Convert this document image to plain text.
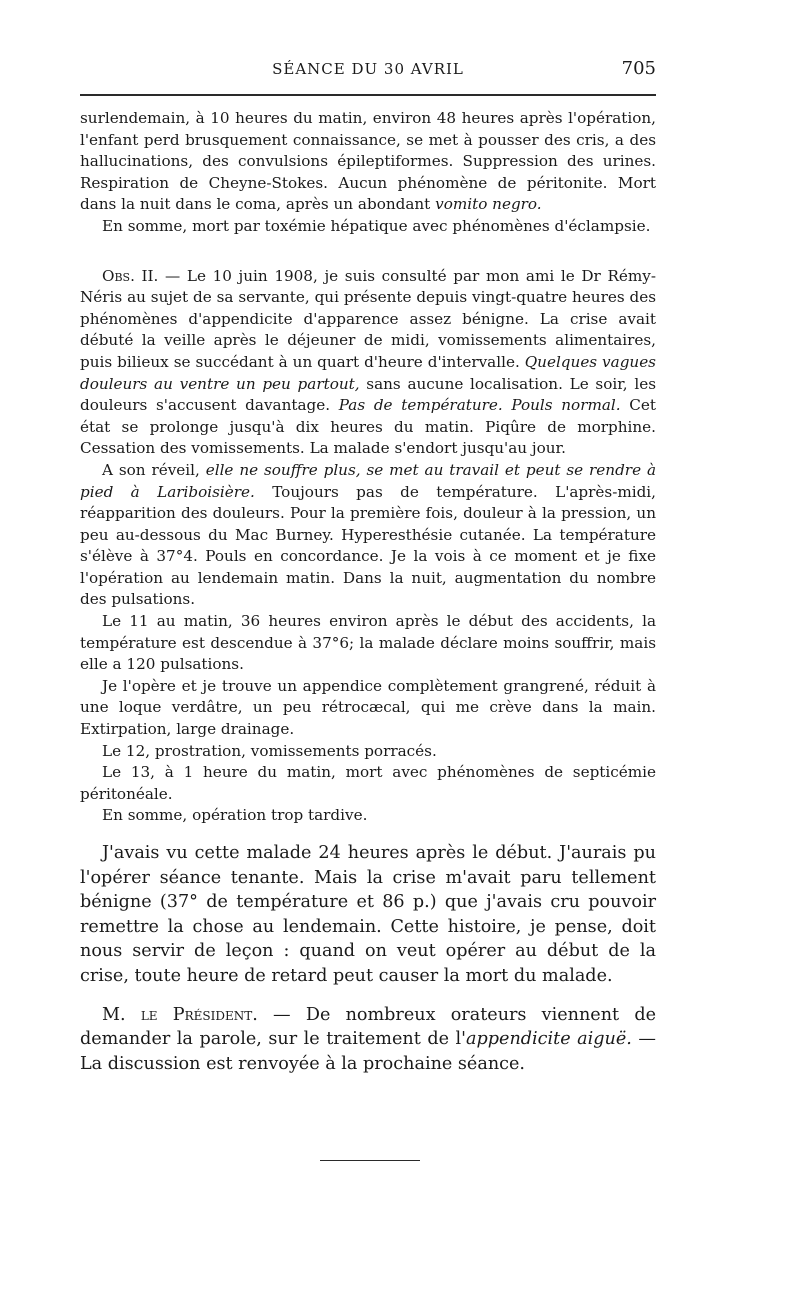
SÉANCE DU 30 AVRIL	705

surlendemain, à 10 heures du matin, environ 48 heures après l'opération, l'enfant perd brusquement connaissance, se met à pousser des cris, a des hallucinations, des convulsions épileptiformes. Suppression des urines. Respiration de Cheyne-Stokes. Aucun phénomène de péritonite. Mort dans la nuit dans le coma, après un abondant vomito negro.

En somme, mort par toxémie hépatique avec phénomènes d'éclampsie.

Obs. II. — Le 10 juin 1908, je suis consulté par mon ami le Dr Rémy-Néris au sujet de sa servante, qui présente depuis vingt-quatre heures des phénomènes d'appendicite d'apparence assez bénigne. La crise avait débuté la veille après le déjeuner de midi, vomissements alimentaires, puis bilieux se succédant à un quart d'heure d'intervalle. Quelques vagues douleurs au ventre un peu partout, sans aucune localisation. Le soir, les douleurs s'accusent davantage. Pas de température. Pouls normal. Cet état se prolonge jusqu'à dix heures du matin. Piqûre de morphine. Cessation des vomissements. La malade s'endort jusqu'au jour.

A son réveil, elle ne souffre plus, se met au travail et peut se rendre à pied à Lariboisière. Toujours pas de température. L'après-midi, réapparition des douleurs. Pour la première fois, douleur à la pression, un peu au-dessous du Mac Burney. Hyperesthésie cutanée. La température s'élève à 37°4. Pouls en concordance. Je la vois à ce moment et je fixe l'opération au lendemain matin. Dans la nuit, augmentation du nombre des pulsations.

Le 11 au matin, 36 heures environ après le début des accidents, la température est descendue à 37°6; la malade déclare moins souffrir, mais elle a 120 pulsations.

Je l'opère et je trouve un appendice complètement grangrené, réduit à une loque verdâtre, un peu rétrocæcal, qui me crève dans la main. Extirpation, large drainage.

Le 12, prostration, vomissements porracés.

Le 13, à 1 heure du matin, mort avec phénomènes de septicémie péritonéale.

En somme, opération trop tardive.

J'avais vu cette malade 24 heures après le début. J'aurais pu l'opérer séance tenante. Mais la crise m'avait paru tellement bénigne (37° de température et 86 p.) que j'avais cru pouvoir remettre la chose au lendemain. Cette histoire, je pense, doit nous servir de leçon : quand on veut opérer au début de la crise, toute heure de retard peut causer la mort du malade.

M. le Président. — De nombreux orateurs viennent de demander la parole, sur le traitement de l'appendicite aiguë. — La discussion est renvoyée à la prochaine séance.
